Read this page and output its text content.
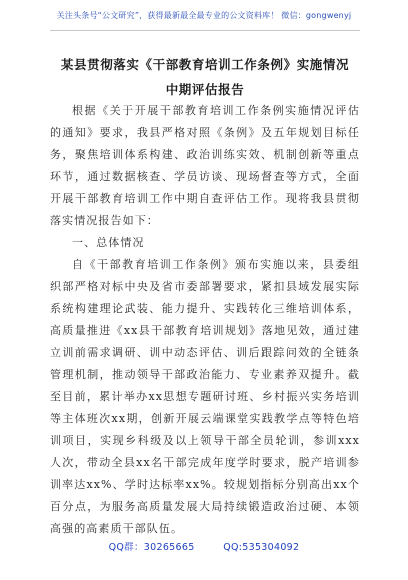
关注头条号“公文研究”，获得最新最全最专业的公文资料库！ 微信：gongwenyj
某县贯彻落实《干部教育培训工作条例》实施情况中期评估报告

根据《关于开展干部教育培训工作条例实施情况评估的通知》要求，我县严格对照《条例》及五年规划目标任务，聚焦培训体系构建、政治训练实效、机制创新等重点环节，通过数据核查、学员访谈、现场督查等方式，全面开展干部教育培训工作中期自查评估工作。现将我县贯彻落实情况报告如下：

一、总体情况

自《干部教育培训工作条例》颁布实施以来，县委组织部严格对标中央及省市委部署要求，紧扣县域发展实际系统构建理论武装、能力提升、实践转化三维培训体系，高质量推进《xx县干部教育培训规划》落地见效，通过建立训前需求调研、训中动态评估、训后跟踪问效的全链条管理机制，推动领导干部政治能力、专业素养双提升。截至目前，累计举办xx思想专题研讨班、乡村振兴实务培训等主体班次xx期，创新开展云端课堂实践教学点等特色培训项目，实现乡科级及以上领导干部全员轮训，参训xxx人次，带动全县xx名干部完成年度学时要求，脱产培训参训率达xx%、学时达标率xx%。较规划指标分别高出xx个百分点，为服务高质量发展大局持续锻造政治过硬、本领高强的高素质干部队伍。

QQ群：30265665	QQ:535304092
